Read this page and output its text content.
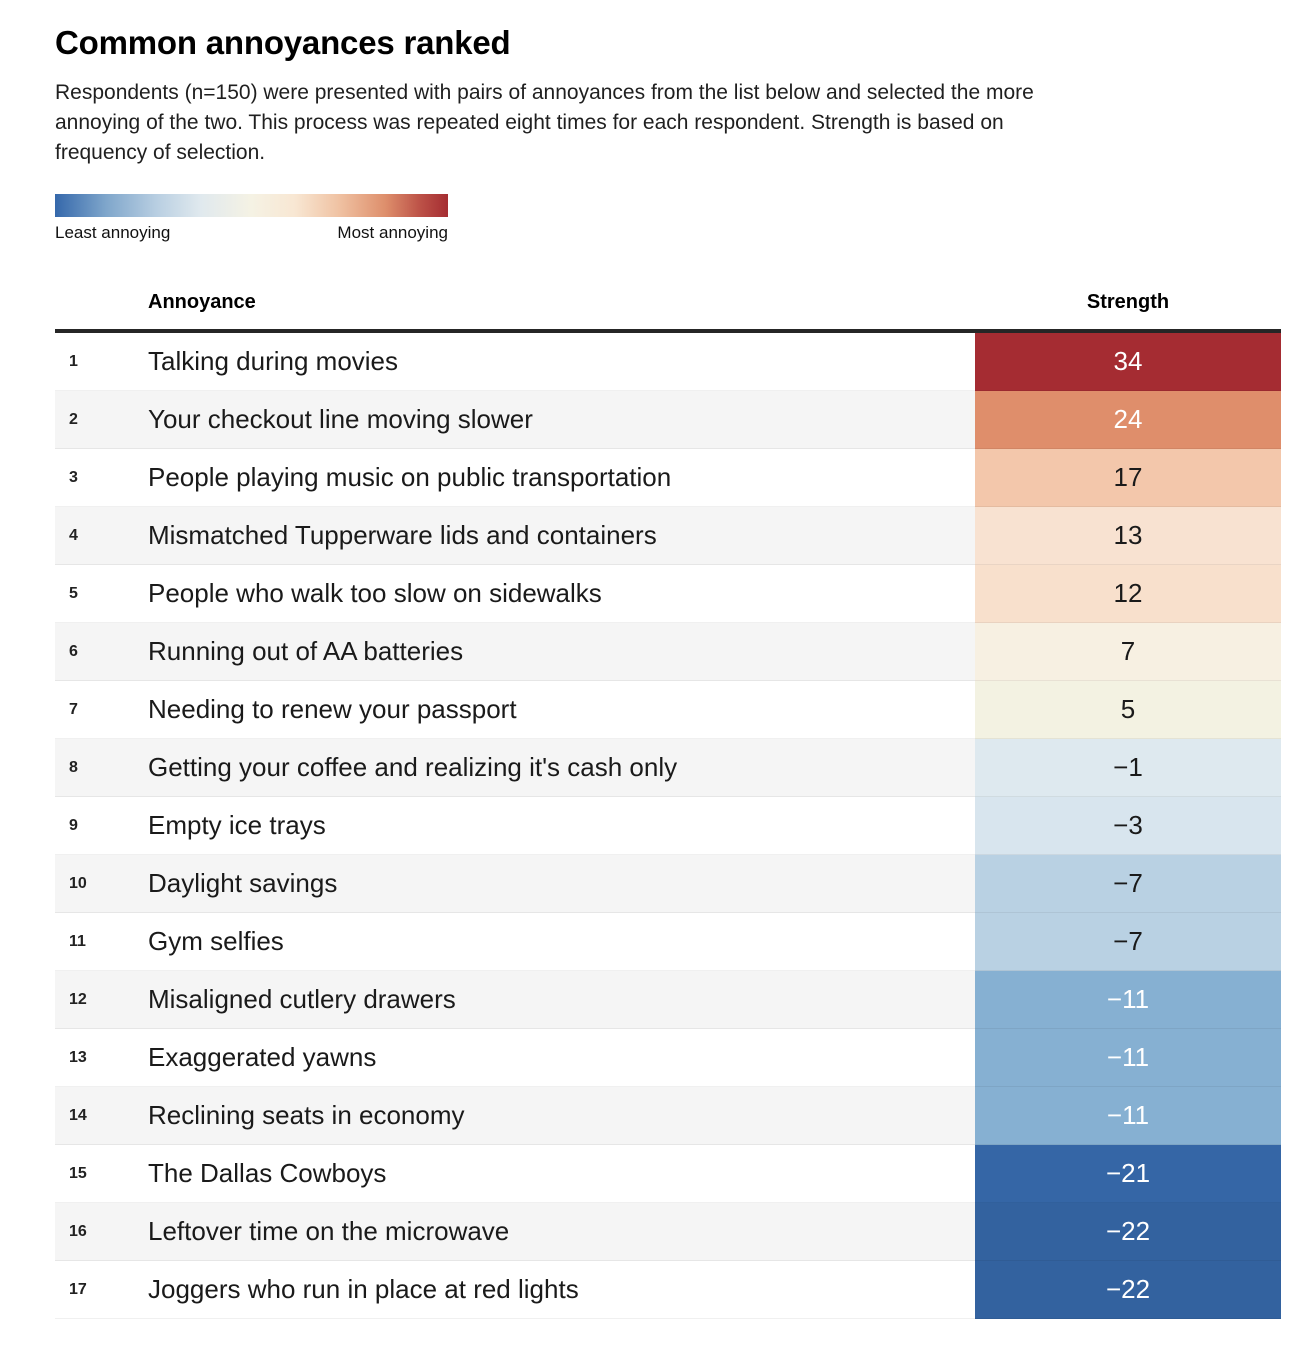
Common annoyances ranked
Respondents (n=150) were presented with pairs of annoyances from the list below and selected the more
annoying of the two. This process was repeated eight times for each respondent. Strength is based on
frequency of selection.
Least annoying	Most annoying
Annoyance	Strength
1	Talking during movies	34
2	Your checkout line moving slower	24
3	People playing music on public transportation	17
4	Mismatched Tupperware lids and containers	13
5	People who walk too slow on sidewalks	12
6	Running out of AA batteries	7
7	Needing to renew your passport	5
8	Getting your coffee and realizing it's cash only	−1
9	Empty ice trays	−3
10	Daylight savings	−7
11	Gym selfies	−7
12	Misaligned cutlery drawers	−11
13	Exaggerated yawns	−11
14	Reclining seats in economy	−11
15	The Dallas Cowboys	−21
16	Leftover time on the microwave	−22
17	Joggers who run in place at red lights	−22
